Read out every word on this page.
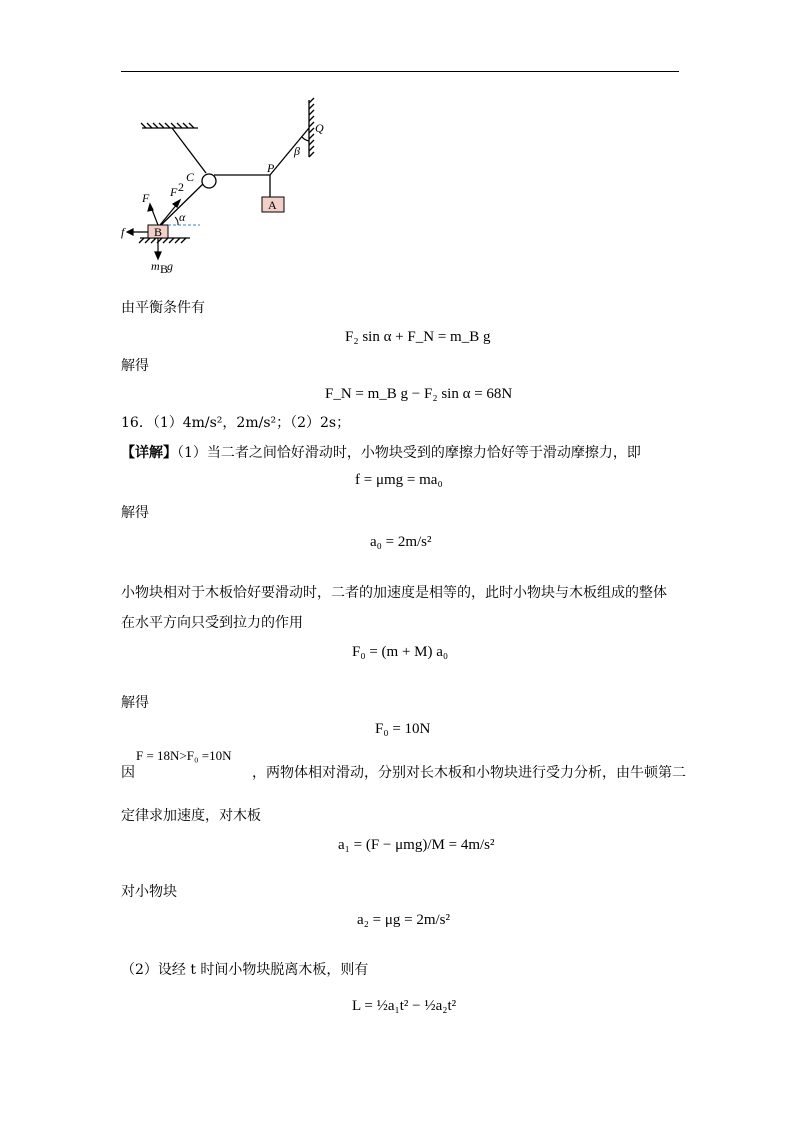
Q
β
P
C
A
B
α
f
F F 2
m B
g
由平衡条件有
F₂ sin α + F_N = m_B g
解得
F_N = m_B g − F₂ sin α = 68N
16．（1）4m/s²，2m/s²；（2）2s；
【详解】（1）当二者之间恰好滑动时，小物块受到的摩擦力恰好等于滑动摩擦力，即
f = μmg = ma₀
解得
a₀ = 2m/s²
小物块相对于木板恰好要滑动时，二者的加速度是相等的，此时小物块与木板组成的整体
在水平方向只受到拉力的作用
F₀ = (m + M) a₀
解得
F₀ = 10N
F = 18N>F₀ =10N
因	，两物体相对滑动，分别对长木板和小物块进行受力分析，由牛顿第二
定律求加速度，对木板
a₁ = (F − μmg)/M = 4m/s²
对小物块
a₂ = μg = 2m/s²
（2）设经 t 时间小物块脱离木板，则有
L = ½a₁t² − ½a₂t²
